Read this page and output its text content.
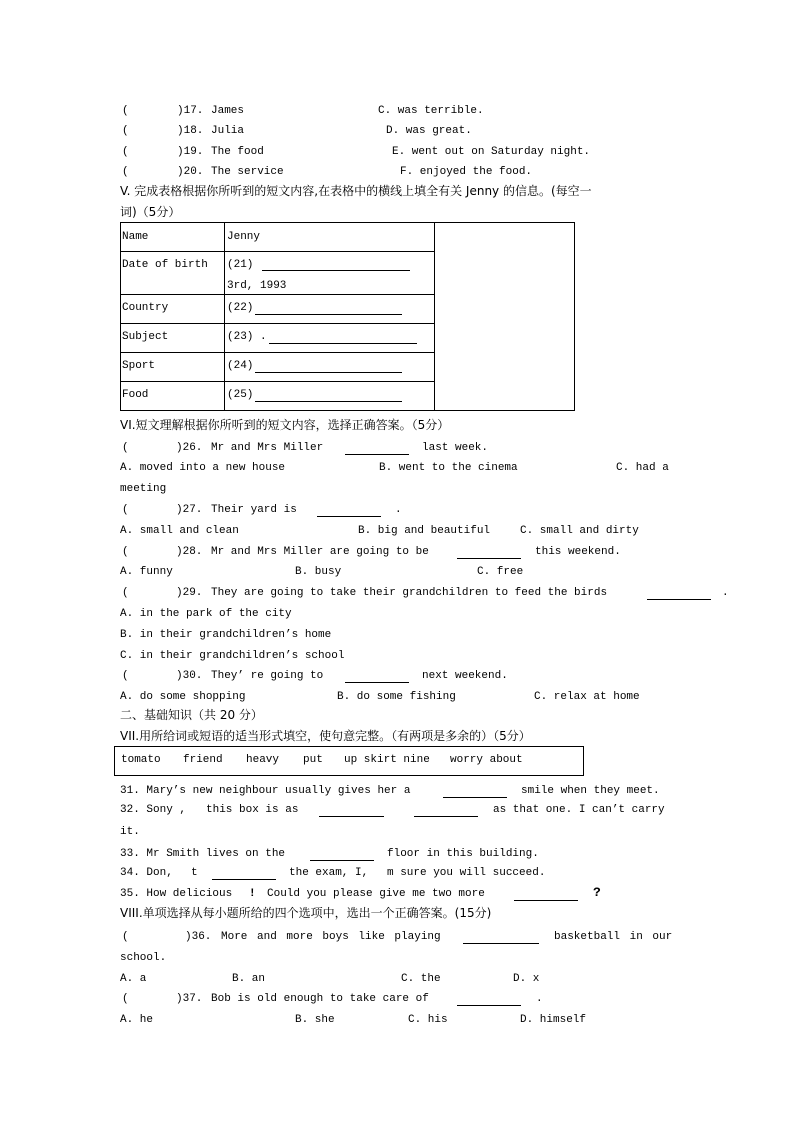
(	)17. James	C. was terrible.
(	)18. Julia	D. was great.
(	)19. The food	E. went out on Saturday night.
(	)20. The service	F. enjoyed the food.
V. 完成表格根据你所听到的短文内容,在表格中的横线上填全有关 Jenny 的信息。(每空一
词)（5分）
Name	Jenny
Date of birth (21)
3rd, 1993
Country	(22)
Subject	(23) .
Sport	(24)
Food	(25)
VI.短文理解根据你所听到的短文内容，选择正确答案。（5分）
(	)26. Mr and Mrs Miller	last week.
A. moved into a new house	B. went to the cinema	C. had a
meeting
(	)27. Their yard is	.
A. small and clean	B. big and beautiful	C. small and dirty
(	)28. Mr and Mrs Miller are going to be	this weekend.
A. funny	B. busy	C. free
(	)29. They are going to take their grandchildren to feed the birds	.
A. in the park of the city
B. in their grandchildren’s home
C. in their grandchildren’s school
(	)30. They’ re going to	next weekend.
A. do some shopping	B. do some fishing	C. relax at home
二、基础知识（共 20 分）
VII.用所给词或短语的适当形式填空，使句意完整。（有两项是多余的）（5分）
tomato friend heavy put up skirt nine worry about
31. Mary’s new neighbour usually gives her a	smile when they meet.
32. Sony , this box is as	as that one. I can’t carry
it.
33. Mr Smith lives on the	floor in this building.
34. Don, t	the exam, I, m sure you will succeed.
35. How delicious ! Could you please give me two more	?
VIII.单项选择从每小题所给的四个选项中，选出一个正确答案。(15分)
(	)36. More and more boys like playing	basketball in our
school.
A. a	B. an	C. the	D. x
(	)37. Bob is old enough to take care of	.
A. he	B. she	C. his	D. himself
